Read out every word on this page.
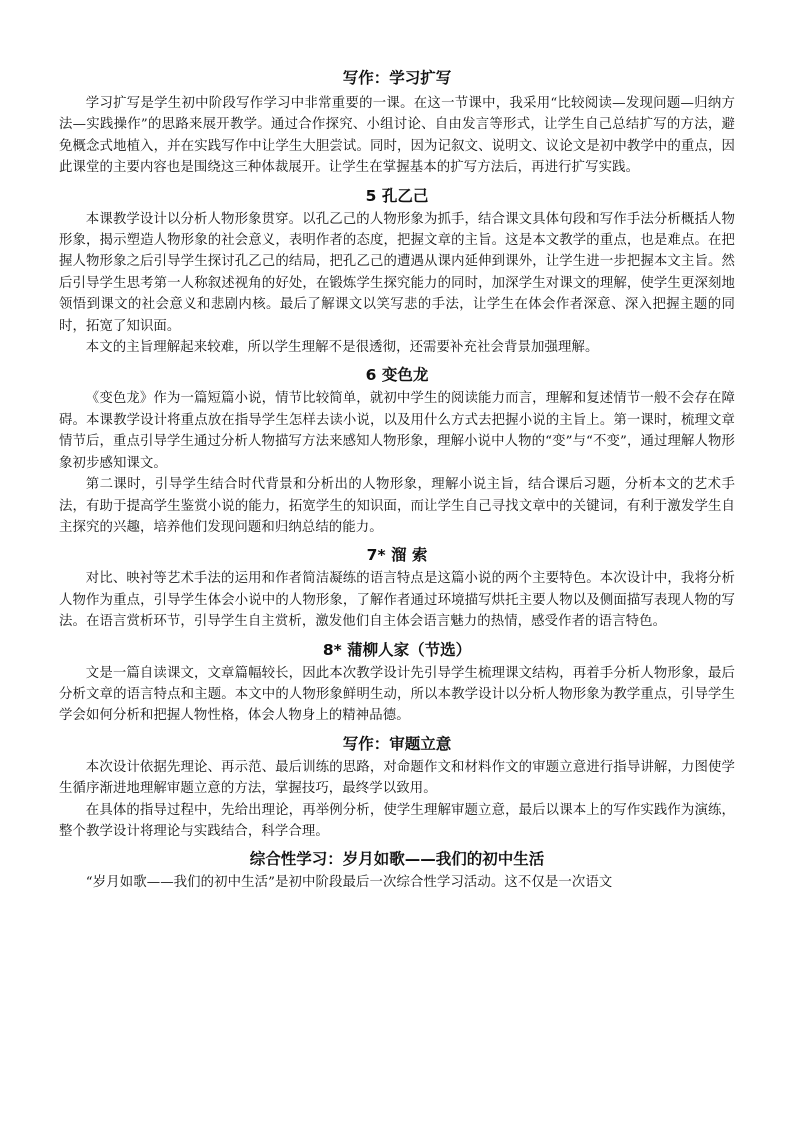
写作：学习扩写

学习扩写是学生初中阶段写作学习中非常重要的一课。在这一节课中，我采用“比较阅读—发现问题—归纳方法—实践操作”的思路来展开教学。通过合作探究、小组讨论、自由发言等形式，让学生自己总结扩写的方法，避免概念式地植入，并在实践写作中让学生大胆尝试。同时，因为记叙文、说明文、议论文是初中教学中的重点，因此课堂的主要内容也是围绕这三种体裁展开。让学生在掌握基本的扩写方法后，再进行扩写实践。

5 孔乙己

本课教学设计以分析人物形象贯穿。以孔乙己的人物形象为抓手，结合课文具体句段和写作手法分析概括人物形象，揭示塑造人物形象的社会意义，表明作者的态度，把握文章的主旨。这是本文教学的重点，也是难点。在把握人物形象之后引导学生探讨孔乙己的结局，把孔乙己的遭遇从课内延伸到课外，让学生进一步把握本文主旨。然后引导学生思考第一人称叙述视角的好处，在锻炼学生探究能力的同时，加深学生对课文的理解，使学生更深刻地领悟到课文的社会意义和悲剧内核。最后了解课文以笑写悲的手法，让学生在体会作者深意、深入把握主题的同时，拓宽了知识面。

本文的主旨理解起来较难，所以学生理解不是很透彻，还需要补充社会背景加强理解。

6 变色龙

《变色龙》作为一篇短篇小说，情节比较简单，就初中学生的阅读能力而言，理解和复述情节一般不会存在障碍。本课教学设计将重点放在指导学生怎样去读小说，以及用什么方式去把握小说的主旨上。第一课时，梳理文章情节后，重点引导学生通过分析人物描写方法来感知人物形象，理解小说中人物的“变”与“不变”，通过理解人物形象初步感知课文。

第二课时，引导学生结合时代背景和分析出的人物形象，理解小说主旨，结合课后习题，分析本文的艺术手法，有助于提高学生鉴赏小说的能力，拓宽学生的知识面，而让学生自己寻找文章中的关键词，有利于激发学生自主探究的兴趣，培养他们发现问题和归纳总结的能力。

7* 溜 索

对比、映衬等艺术手法的运用和作者简洁凝练的语言特点是这篇小说的两个主要特色。本次设计中，我将分析人物作为重点，引导学生体会小说中的人物形象，了解作者通过环境描写烘托主要人物以及侧面描写表现人物的写法。在语言赏析环节，引导学生自主赏析，激发他们自主体会语言魅力的热情，感受作者的语言特色。

8* 蒲柳人家（节选）

文是一篇自读课文，文章篇幅较长，因此本次教学设计先引导学生梳理课文结构，再着手分析人物形象，最后分析文章的语言特点和主题。本文中的人物形象鲜明生动，所以本教学设计以分析人物形象为教学重点，引导学生学会如何分析和把握人物性格，体会人物身上的精神品德。

写作：审题立意

本次设计依据先理论、再示范、最后训练的思路，对命题作文和材料作文的审题立意进行指导讲解，力图使学生循序渐进地理解审题立意的方法，掌握技巧，最终学以致用。

在具体的指导过程中，先给出理论，再举例分析，使学生理解审题立意，最后以课本上的写作实践作为演练，整个教学设计将理论与实践结合，科学合理。

综合性学习：岁月如歌——我们的初中生活

“岁月如歌——我们的初中生活”是初中阶段最后一次综合性学习活动。这不仅是一次语文
